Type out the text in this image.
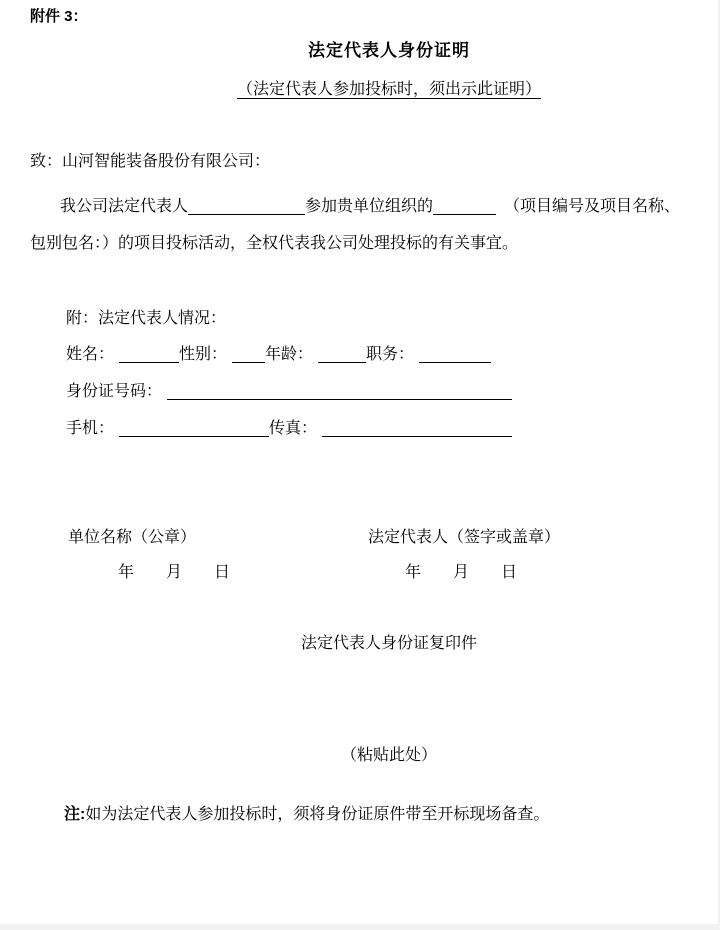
附件 3：
法定代表人身份证明
（法定代表人参加投标时，须出示此证明）
致：山河智能装备股份有限公司：
我公司法定代表人	参加贵单位组织的	（项目编号及项目名称、
包别包名：）的项目投标活动，全权代表我公司处理投标的有关事宜。
附：法定代表人情况：
姓名：	性别： 年龄：	职务：
身份证号码：
手机：	传真：
单位名称（公章）	法定代表人（签字或盖章）
年　　月　　日	年　　月　　日
法定代表人身份证复印件
（粘贴此处）
注:如为法定代表人参加投标时，须将身份证原件带至开标现场备查。
